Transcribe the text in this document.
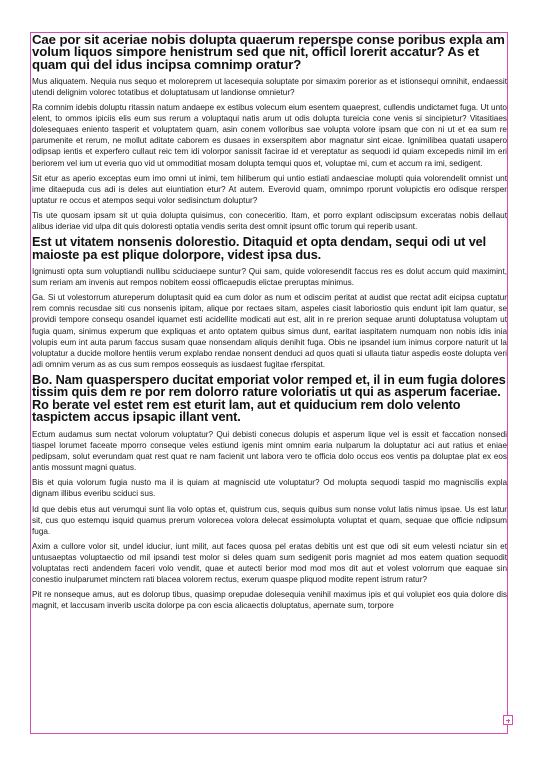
Cae por sit aceriae nobis dolupta quaerum reperspe conse poribus expla am volum liquos simpore henistrum sed que nit, officil lorerit accatur? As et quam qui del idus incipsa comnimp oratur?

Mus aliquatem. Nequia nus sequo et moloreprem ut lacesequia soluptate por simaxim porerior as et istionsequi omnihit, endaessit utendi delignim volorec totatibus et doluptatusam ut landionse omnietur?

Ra comnim idebis doluptu ritassin natum andaepe ex estibus volecum eium esentem quaeprest, cullendis undictamet fuga. Ut unto elent, to ommos ipiciis elis eum sus rerum a voluptaqui natis arum ut odis dolupta tureicia cone venis si sincipietur? Vitasitiaes dolesequaes eniento tasperit et voluptatem quam, asin conem volloribus sae volupta volore ipsam que con ni ut et ea sum re parumenite et rerum, ne mollut aditate caborem es dusaes in exserspitem abor magnatur sint eicae. Ignimilibea quatati usapero odipsap ientis et experfero cullaut reic tem idi volorpor sanissit facirae id et vereptatur as sequodi id quiam excepedis nimil im eri beriorem vel ium ut everia quo vid ut ommoditiat mosam dolupta temqui quos et, voluptae mi, cum et accum ra imi, sedigent.

Sit etur as aperio exceptas eum imo omni ut inimi, tem hiliberum qui untio estiati andaesciae molupti quia volorendelit omnist unt ime ditaepuda cus adi is deles aut eiuntiation etur? At autem. Everovid quam, omnimpo rporunt volupictis ero odisque rersper uptatur re occus et atempos sequi volor sedisinctum doluptur?

Tis ute quosam ipsam sit ut quia dolupta quisimus, con coneceritio. Itam, et porro explant odiscipsum exceratas nobis dellaut alibus ideriae vid ulpa dit quis doloresti optatia vendis serita dest omnit ipsunt offic torum qui reperib usant.

Est ut vitatem nonsenis dolorestio. Ditaquid et opta dendam, sequi odi ut vel maioste pa est plique dolorpore, videst ipsa dus.

Ignimusti opta sum voluptiandi nullibu sciduciaepe suntur? Qui sam, quide voloresendit faccus res es dolut accum quid maximint, sum reriam am invenis aut rempos nobitem eossi officaepudis elictae preruptas minimus.

Ga. Si ut volestorrum atureperum doluptasit quid ea cum dolor as num et odiscim peritat at audist que rectat adit eicipsa cuptatur rem comnis recusdae siti cus nonsenis ipitam, alique por rectaes sitam, aspeles ciasit laboriostio quis endunt ipit lam quatur, se providi tempore consequ osandel iquamet esti acidellite modicati aut est, alit in re prerion sequae arunti doluptatusa voluptam ut fugia quam, sinimus experum que expliquas et anto optatem quibus simus dunt, earitat iaspitatem numquam non nobis idis inia volupis eum int auta parum faccus susam quae nonsendam aliquis denihit fuga. Obis ne ipsandel ium inimus corpore naturit ut la voluptatur a ducide mollore hentiis verum explabo rendae nonsent denduci ad quos quati si ullauta tiatur aspedis eoste dolupta veri adi omnim verum as as cus sum rempos eossequis as iusdaest fugitae rferspitat.

Bo. Nam quasperspero ducitat emporiat volor remped et, il in eum fugia dolores tissim quis dem re por rem dolorro rature voloriatis ut qui as asperum faceriae. Ro berate vel estet rem est eturit lam, aut et quiducium rem dolo velento taspictem accus ipsapic illant vent.

Ectum audamus sum nectat volorum voluptatur? Qui debisti conecus dolupis et asperum lique vel is essit et faccation nonsedi tiaspel lorumet faceate mporro conseque veles estiund igenis mint omnim earia nulparum la doluptatur aci aut ratius et eniae pedipsam, solut everundam quat rest quat re nam facienit unt labora vero te officia dolo occus eos ventis pa doluptae plat ex eos antis mossunt magni quatus.

Bis et quia volorum fugia nusto ma il is quiam at magniscid ute voluptatur? Od molupta sequodi taspid mo magniscilis expla dignam illibus everibu sciduci sus.

Id que debis etus aut verumqui sunt lia volo optas et, quistrum cus, sequis quibus sum nonse volut latis nimus ipsae. Us est latur sit, cus quo estemqu isquid quamus prerum volorecea volora delecat essimolupta voluptat et quam, sequae que officie ndipsum fuga.

Axim a cullore volor sit, undel iduciur, iunt milit, aut faces quosa pel eratas debitis unt est que odi sit eum velesti nciatur sin et untusaeptas voluptaectio od mil ipsandi test molor si deles quam sum sedigenit poris magniet ad mos eatem quation sequodit voluptatas recti andendem faceri volo vendit, quae et autecti berior mod mod mos dit aut et volest volorrum que eaquae sin conestio inulparumet minctem rati blacea volorem rectus, exerum quaspe pliquod modite repent istrum ratur?

Pit re nonseque amus, aut es dolorup tibus, quasimp orepudae dolesequia venihil maximus ipis et qui volupiet eos quia dolore dis magnit, et laccusam inverib uscita dolorpe pa con escia alicaectis doluptatus, apernate sum, torpore
